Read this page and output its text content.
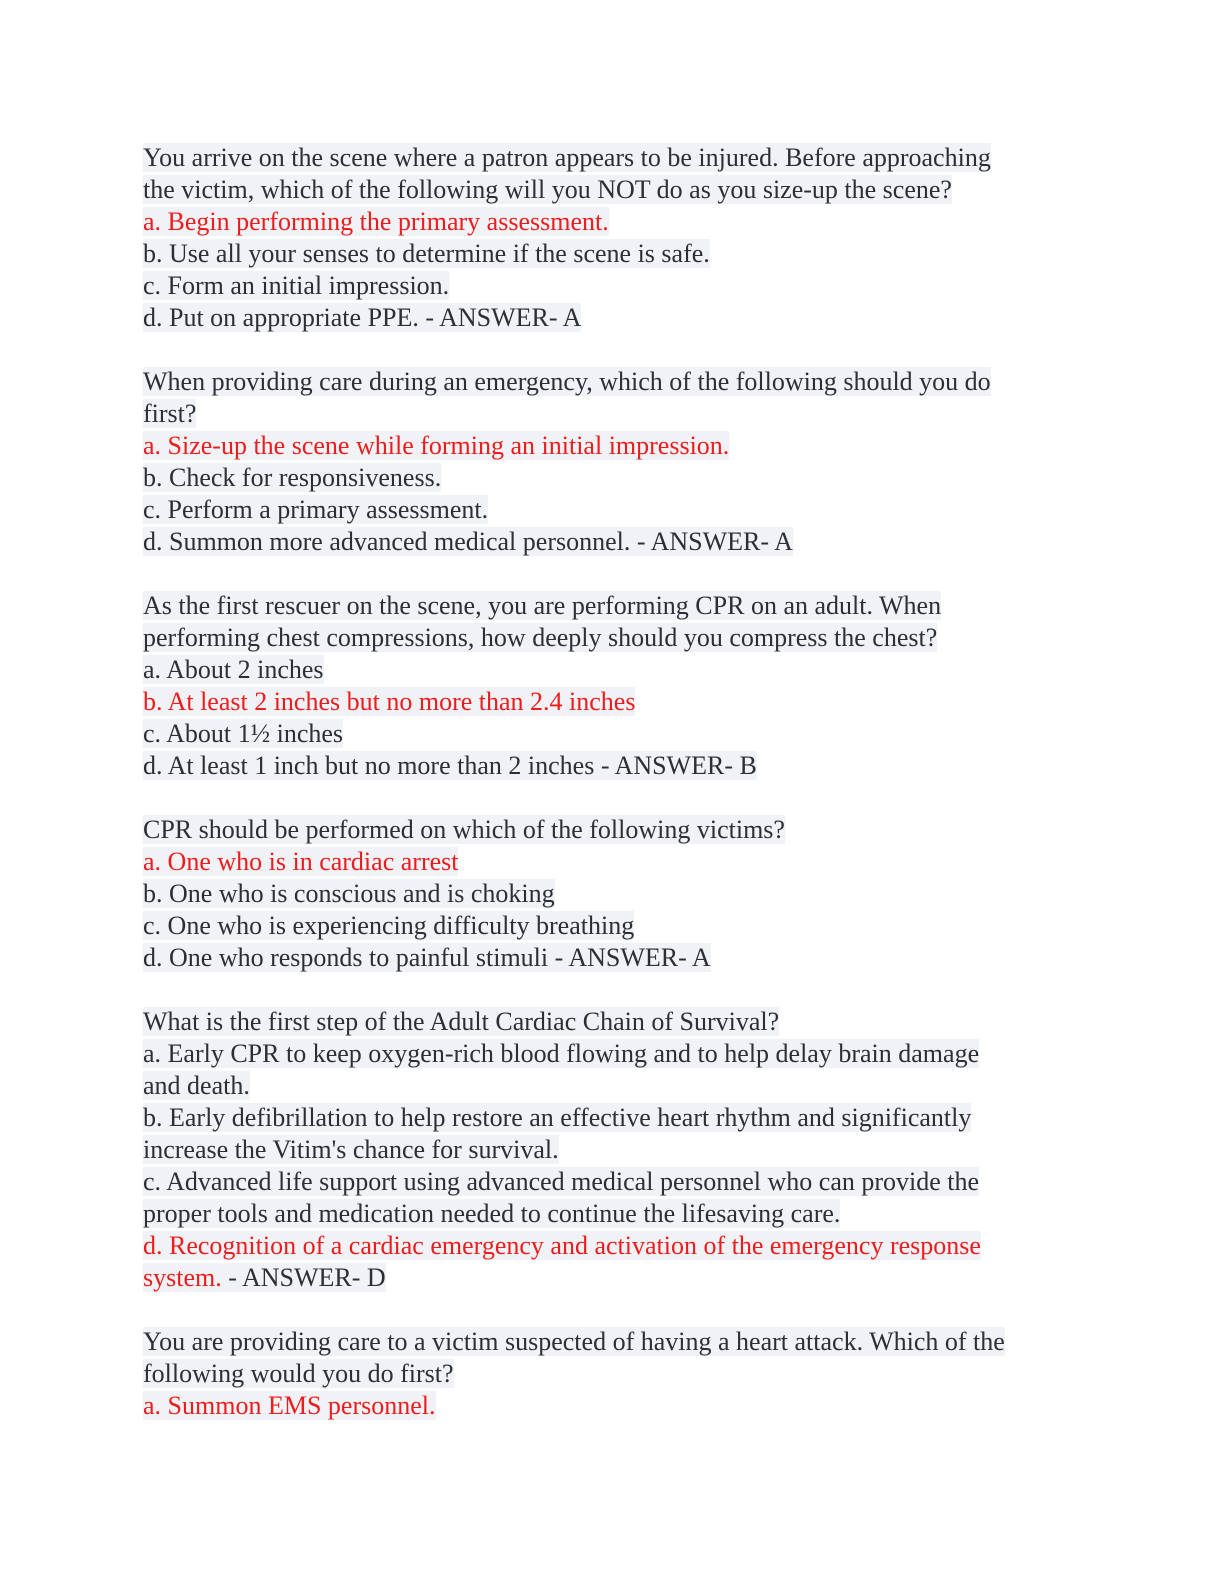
You arrive on the scene where a patron appears to be injured. Before approaching
the victim, which of the following will you NOT do as you size-up the scene?
a. Begin performing the primary assessment.
b. Use all your senses to determine if the scene is safe.
c. Form an initial impression.
d. Put on appropriate PPE. - ANSWER- A
When providing care during an emergency, which of the following should you do
first?
a. Size-up the scene while forming an initial impression.
b. Check for responsiveness.
c. Perform a primary assessment.
d. Summon more advanced medical personnel. - ANSWER- A
As the first rescuer on the scene, you are performing CPR on an adult. When
performing chest compressions, how deeply should you compress the chest?
a. About 2 inches
b. At least 2 inches but no more than 2.4 inches
c. About 1½ inches
d. At least 1 inch but no more than 2 inches - ANSWER- B
CPR should be performed on which of the following victims?
a. One who is in cardiac arrest
b. One who is conscious and is choking
c. One who is experiencing difficulty breathing
d. One who responds to painful stimuli - ANSWER- A
What is the first step of the Adult Cardiac Chain of Survival?
a. Early CPR to keep oxygen-rich blood flowing and to help delay brain damage
and death.
b. Early defibrillation to help restore an effective heart rhythm and significantly
increase the Vitim's chance for survival.
c. Advanced life support using advanced medical personnel who can provide the
proper tools and medication needed to continue the lifesaving care.
d. Recognition of a cardiac emergency and activation of the emergency response
system. - ANSWER- D
You are providing care to a victim suspected of having a heart attack. Which of the
following would you do first?
a. Summon EMS personnel.
